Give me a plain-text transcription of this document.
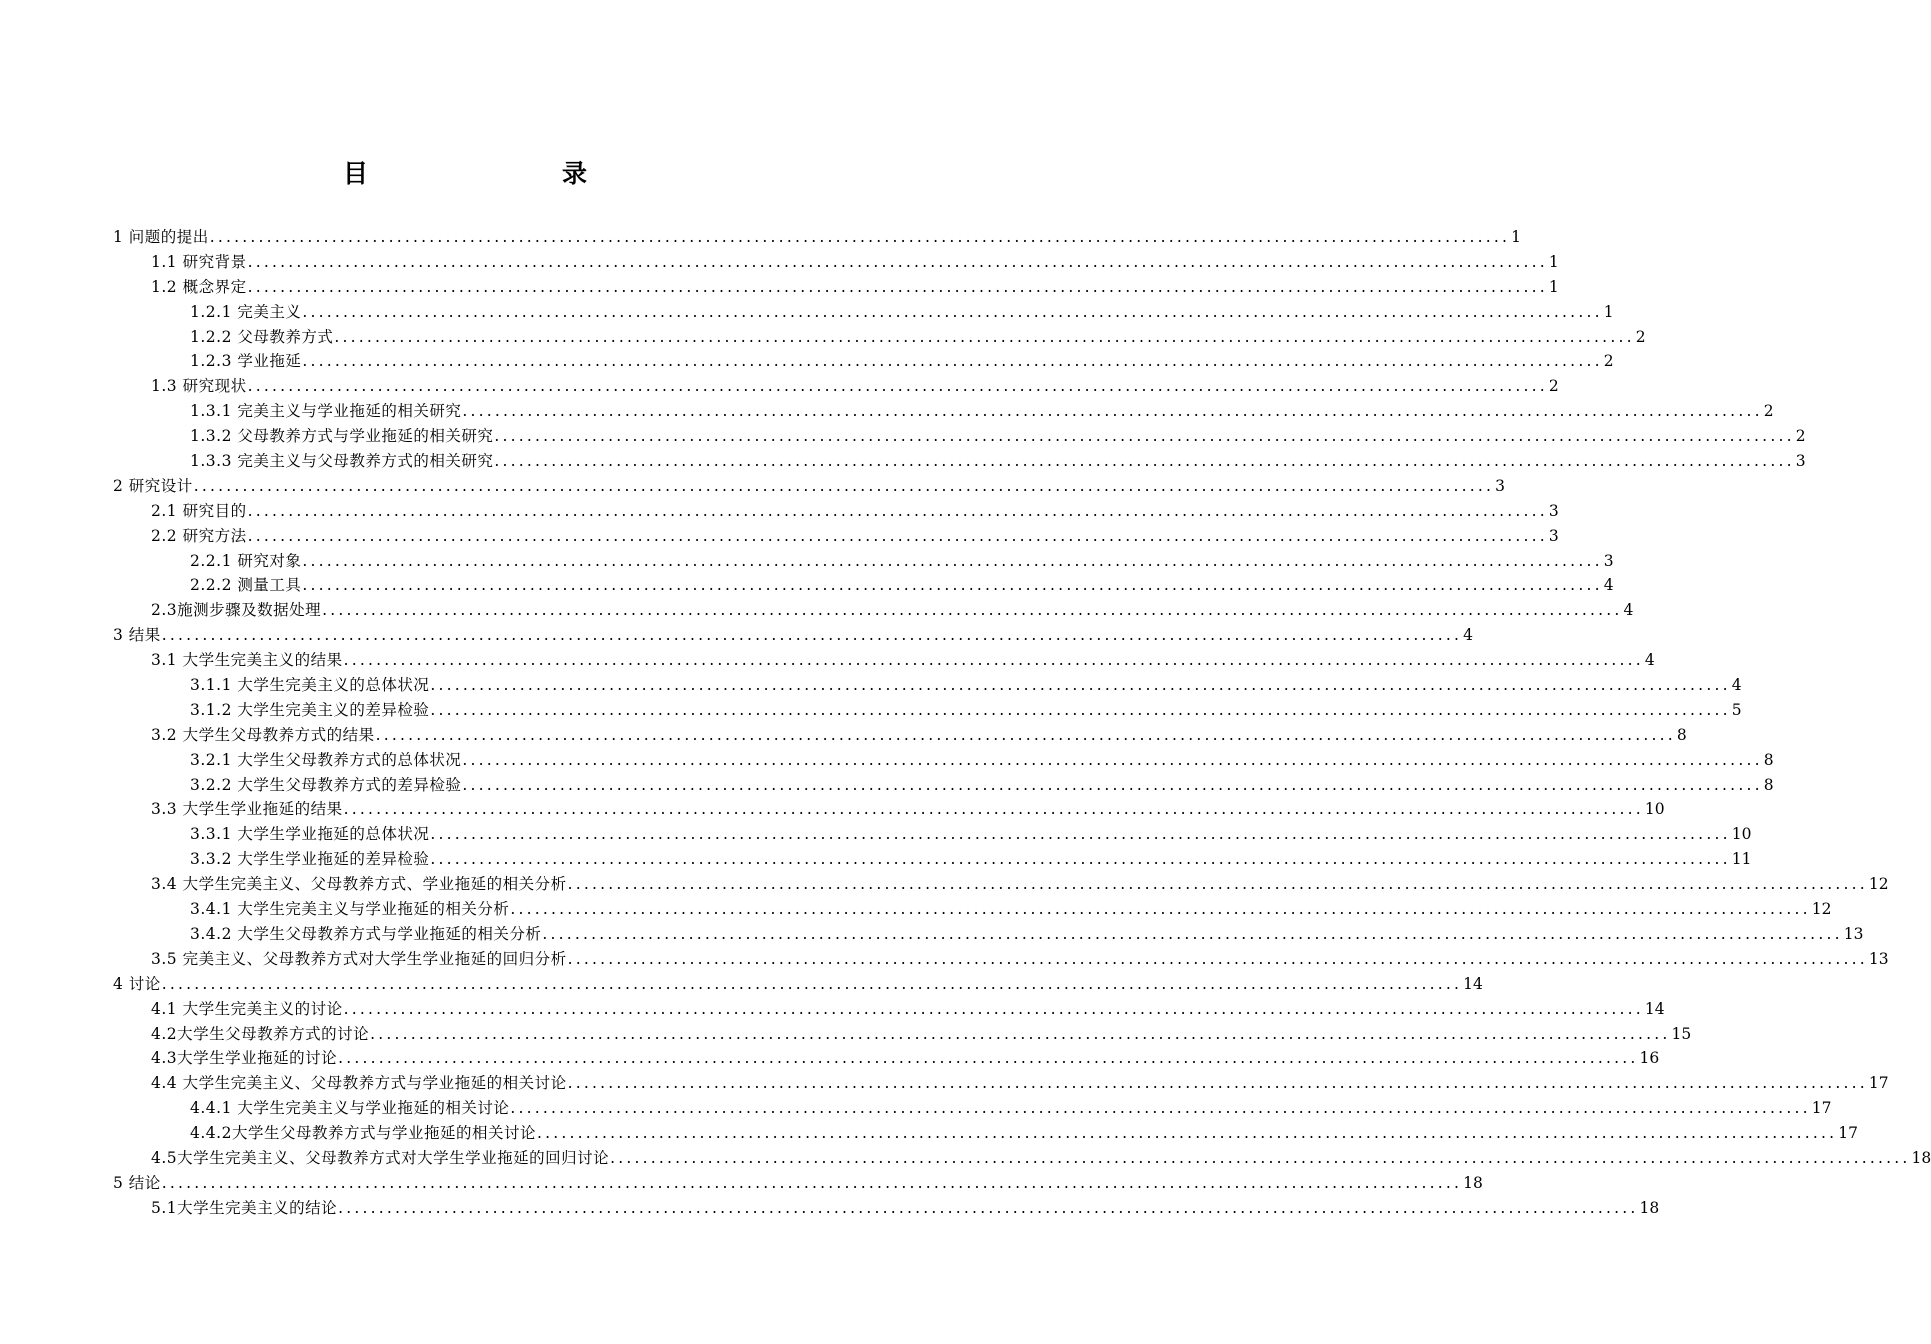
目　　录
1 问题的提出 ................................................................................................................................................................ 1
1.1 研究背景 ................................................................................................................................................................ 1
1.2 概念界定 ................................................................................................................................................................ 1
1.2.1 完美主义 ................................................................................................................................................................ 1
1.2.2 父母教养方式 ................................................................................................................................................................ 2
1.2.3 学业拖延 ................................................................................................................................................................ 2
1.3 研究现状 ................................................................................................................................................................ 2
1.3.1 完美主义与学业拖延的相关研究 ................................................................................................................................................................ 2
1.3.2 父母教养方式与学业拖延的相关研究 ................................................................................................................................................................ 2
1.3.3 完美主义与父母教养方式的相关研究 ................................................................................................................................................................ 3
2 研究设计 ................................................................................................................................................................ 3
2.1 研究目的 ................................................................................................................................................................ 3
2.2 研究方法 ................................................................................................................................................................ 3
2.2.1 研究对象 ................................................................................................................................................................ 3
2.2.2 测量工具 ................................................................................................................................................................ 4
2.3施测步骤及数据处理 ................................................................................................................................................................ 4
3 结果 ................................................................................................................................................................ 4
3.1 大学生完美主义的结果 ................................................................................................................................................................ 4
3.1.1 大学生完美主义的总体状况 ................................................................................................................................................................ 4
3.1.2 大学生完美主义的差异检验 ................................................................................................................................................................ 5
3.2 大学生父母教养方式的结果 ................................................................................................................................................................ 8
3.2.1 大学生父母教养方式的总体状况 ................................................................................................................................................................ 8
3.2.2 大学生父母教养方式的差异检验 ................................................................................................................................................................ 8
3.3 大学生学业拖延的结果 ................................................................................................................................................................ 10
3.3.1 大学生学业拖延的总体状况 ................................................................................................................................................................ 10
3.3.2 大学生学业拖延的差异检验 ................................................................................................................................................................ 11
3.4 大学生完美主义、父母教养方式、学业拖延的相关分析 ................................................................................................................................................................ 12
3.4.1 大学生完美主义与学业拖延的相关分析 ................................................................................................................................................................ 12
3.4.2 大学生父母教养方式与学业拖延的相关分析 ................................................................................................................................................................ 13
3.5 完美主义、父母教养方式对大学生学业拖延的回归分析 ................................................................................................................................................................ 13
4 讨论 ................................................................................................................................................................ 14
4.1 大学生完美主义的讨论 ................................................................................................................................................................ 14
4.2大学生父母教养方式的讨论 ................................................................................................................................................................ 15
4.3大学生学业拖延的讨论 ................................................................................................................................................................ 16
4.4 大学生完美主义、父母教养方式与学业拖延的相关讨论 ................................................................................................................................................................ 17
4.4.1 大学生完美主义与学业拖延的相关讨论 ................................................................................................................................................................ 17
4.4.2大学生父母教养方式与学业拖延的相关讨论 ................................................................................................................................................................ 17
4.5大学生完美主义、父母教养方式对大学生学业拖延的回归讨论 ................................................................................................................................................................ 18
5 结论 ................................................................................................................................................................ 18
5.1大学生完美主义的结论 ................................................................................................................................................................ 18
